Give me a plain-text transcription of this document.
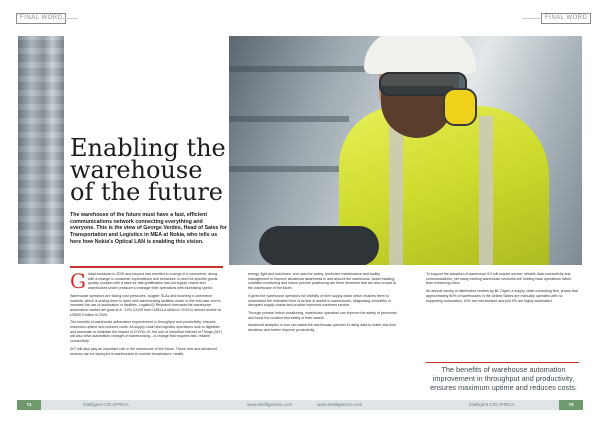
FINAL WORD	FINAL WORD
Enabling the warehouse of the future

The warehouse of the future must have a fast, efficient communications network connecting everything and everyone. This is the view of George Verdes, Head of Sales for Transportation and Logistics in MEA at Nokia, who tells us here how Nokia's Optical LAN is enabling this vision.

Global lockdown in 2020 and beyond has resulted in a surge in e-commerce, along with a change in consumer expectations and behaviour. A need for specific goods quickly coupled with a want for fast gratification has put supply chains and warehouses under pressure to manage their operations with increasing speed.

Warehouse operators are facing cost pressures, tougher SLAs and booming e-commerce markets, which is driving them to open new warehousing facilities closer to the end-user and to increase the use of automation in facilities. LogisticIQ Research forecasts the warehouse automation market will grow at a ~14% CAGR from US$14.8 billion in 2019 to almost double at US$30.9 billion in 2026.

The benefits of warehouse automation improvement in throughput and productivity, ensures maximum uptime and reduces costs. As supply chain and logistics operations look to digitalise and automate to minimise the impact of COVID-19, the use of Industrial Internet of Things (IIoT) will also drive automation changes in warehousing – a change that requires fast, reliable connectivity.

IIoT will also play an important role in the warehouse of the future. These new and advanced sensors can be deployed in warehouses to monitor temperature, health,

energy, light and machines, and used for safety, predictive maintenance and facility management to improve situational awareness in and around the warehouse. Asset tracking, condition monitoring and indoor precise positioning are three elements that are also crucial to the warehouse of the future.

It gives the warehouse operators full visibility of their supply chain which enables them to understand the estimated time of arrival of assets to warehouses, diagnosing unhealthy or disrupted supply chains and provide improved customer service.

Through precise indoor positioning, warehouse operators can improve the safety of personnel and know the location and safety of their assets.

Advanced analytics in turn can assist the warehouse operator in using data to make real-time decisions and further improve productivity.

To support the adoption of warehouse 5.0 will require secure, reliable data connectivity and communications, yet many existing warehouse networks are holding back operations rather than enhancing them.

An annual survey of distribution centres by BL Orgell, a supply chain consulting firm, shows that approximately 80% of warehouses in the United States are manually operated with no supporting automation, 15% are mechanised and just 5% are highly automated.

The benefits of warehouse automation improvement in throughput and productivity, ensures maximum uptime and reduces costs.

74	intelligent CIO AFRICA	www.intelligentcio.com	www.intelligentcio.com	intelligent CIO AFRICA	75
